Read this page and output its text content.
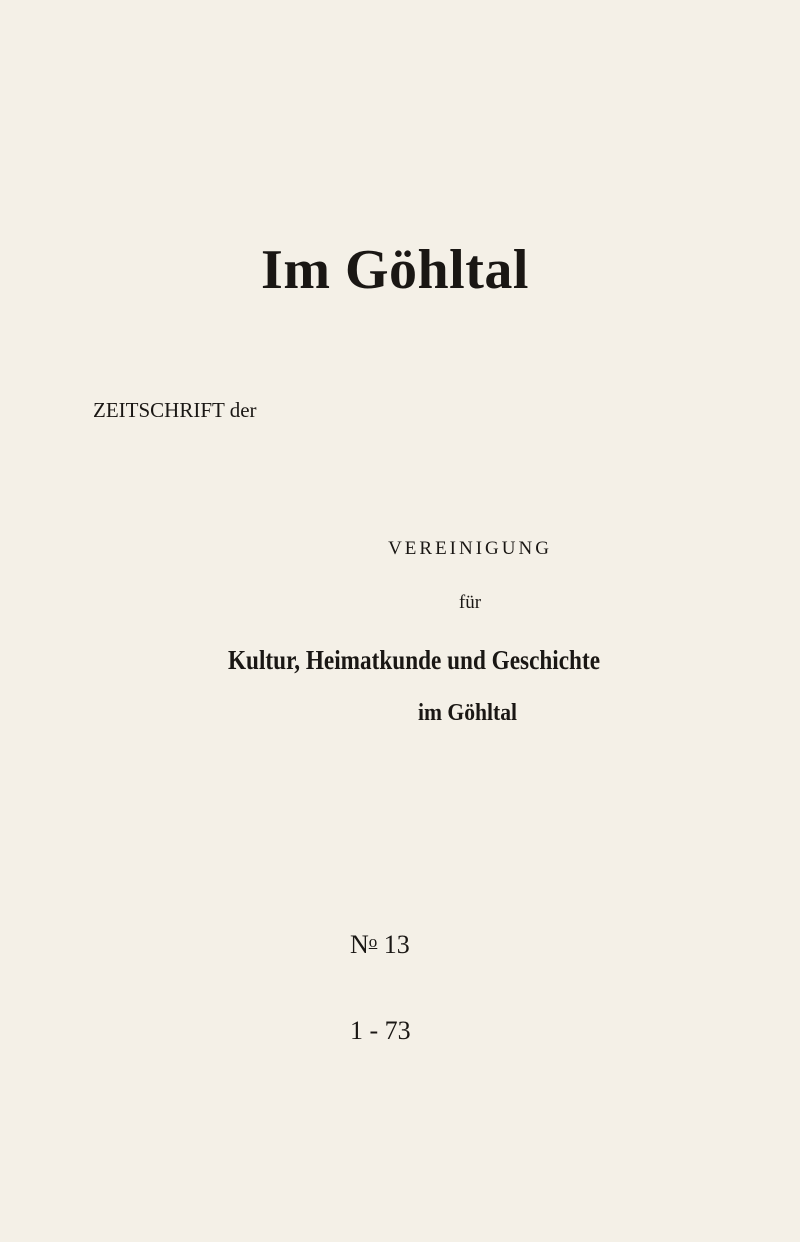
Im Göhltal
ZEITSCHRIFT der
VEREINIGUNG
für
Kultur, Heimatkunde und Geschichte
im Göhltal
$N^o$ 13
1 - 73
